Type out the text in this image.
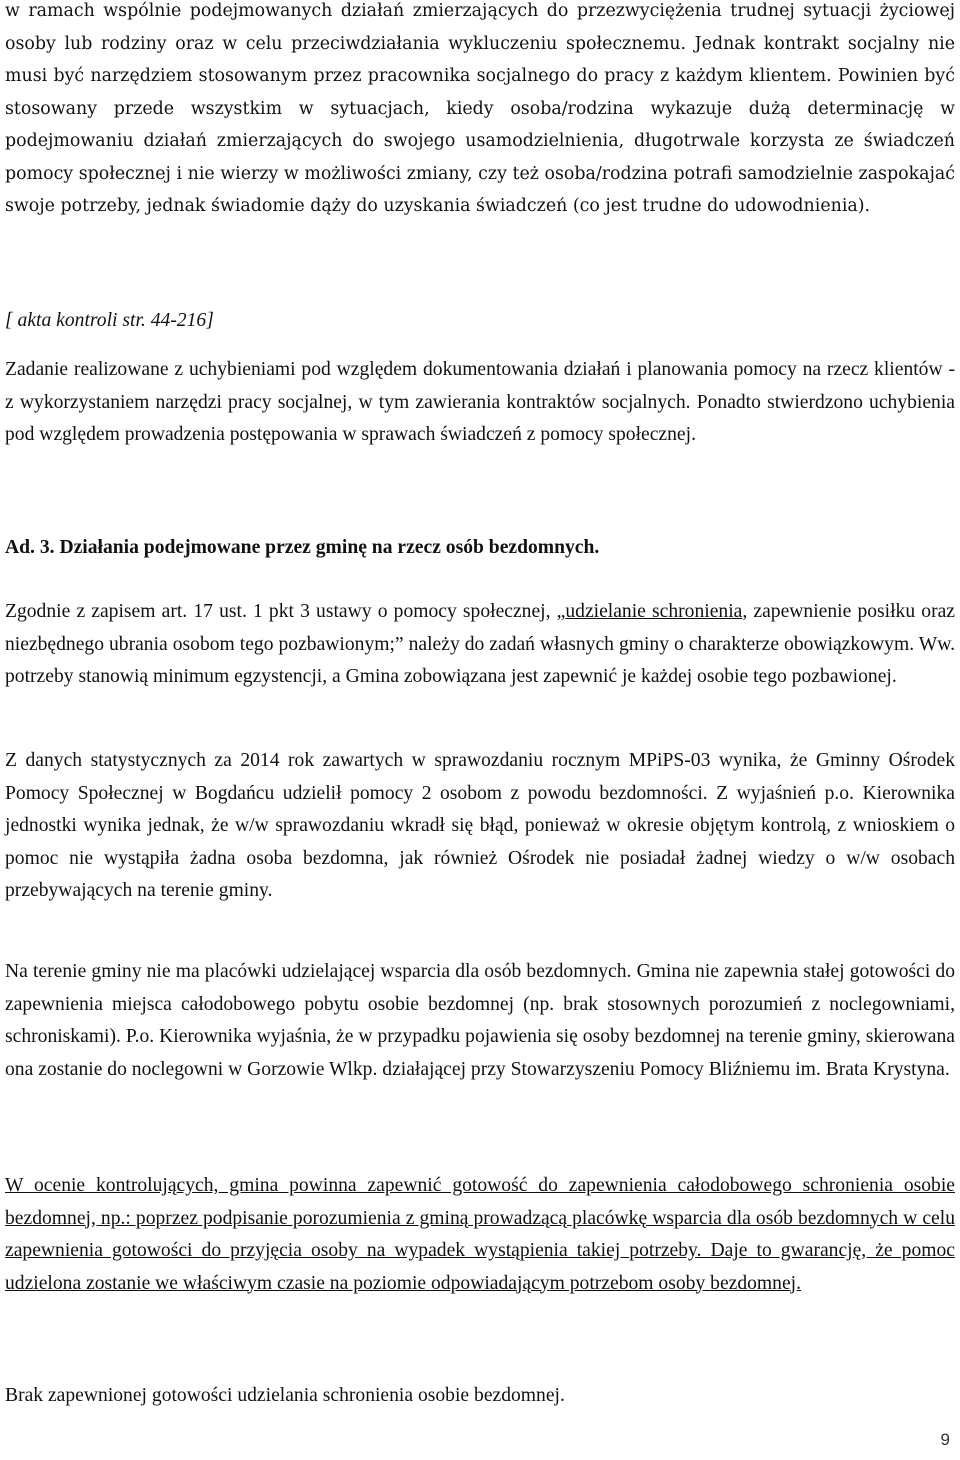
w ramach wspólnie podejmowanych działań zmierzających do przezwyciężenia trudnej sytuacji życiowej osoby lub rodziny oraz w celu przeciwdziałania wykluczeniu społecznemu. Jednak kontrakt socjalny nie musi być narzędziem stosowanym przez pracownika socjalnego do pracy z każdym klientem. Powinien być stosowany przede wszystkim w sytuacjach, kiedy osoba/rodzina wykazuje dużą determinację w podejmowaniu działań zmierzających do swojego usamodzielnienia, długotrwale korzysta ze świadczeń pomocy społecznej i nie wierzy w możliwości zmiany, czy też osoba/rodzina potrafi samodzielnie zaspokajać swoje potrzeby, jednak świadomie dąży do uzyskania świadczeń (co jest trudne do udowodnienia).

[ akta kontroli str. 44-216]

Zadanie realizowane z uchybieniami pod względem dokumentowania działań i planowania pomocy na rzecz klientów - z wykorzystaniem narzędzi pracy socjalnej, w tym zawierania kontraktów socjalnych. Ponadto stwierdzono uchybienia pod względem prowadzenia postępowania w sprawach świadczeń z pomocy społecznej.

Ad. 3. Działania podejmowane przez gminę na rzecz osób bezdomnych.

Zgodnie z zapisem art. 17 ust. 1 pkt 3 ustawy o pomocy społecznej, „udzielanie schronienia, zapewnienie posiłku oraz niezbędnego ubrania osobom tego pozbawionym;” należy do zadań własnych gminy o charakterze obowiązkowym. Ww. potrzeby stanowią minimum egzystencji, a Gmina zobowiązana jest zapewnić je każdej osobie tego pozbawionej.

Z danych statystycznych za 2014 rok zawartych w sprawozdaniu rocznym MPiPS-03 wynika, że Gminny Ośrodek Pomocy Społecznej w Bogdańcu udzielił pomocy 2 osobom z powodu bezdomności. Z wyjaśnień p.o. Kierownika jednostki wynika jednak, że w/w sprawozdaniu wkradł się błąd, ponieważ w okresie objętym kontrolą, z wnioskiem o pomoc nie wystąpiła żadna osoba bezdomna, jak również Ośrodek nie posiadał żadnej wiedzy o w/w osobach przebywających na terenie gminy.

Na terenie gminy nie ma placówki udzielającej wsparcia dla osób bezdomnych. Gmina nie zapewnia stałej gotowości do zapewnienia miejsca całodobowego pobytu osobie bezdomnej (np. brak stosownych porozumień z noclegowniami, schroniskami). P.o. Kierownika wyjaśnia, że w przypadku pojawienia się osoby bezdomnej na terenie gminy, skierowana ona zostanie do noclegowni w Gorzowie Wlkp. działającej przy Stowarzyszeniu Pomocy Bliźniemu im. Brata Krystyna.

W ocenie kontrolujących, gmina powinna zapewnić gotowość do zapewnienia całodobowego schronienia osobie bezdomnej, np.: poprzez podpisanie porozumienia z gminą prowadzącą placówkę wsparcia dla osób bezdomnych w celu zapewnienia gotowości do przyjęcia osoby na wypadek wystąpienia takiej potrzeby. Daje to gwarancję, że pomoc udzielona zostanie we właściwym czasie na poziomie odpowiadającym potrzebom osoby bezdomnej.

Brak zapewnionej gotowości udzielania schronienia osobie bezdomnej.

9
